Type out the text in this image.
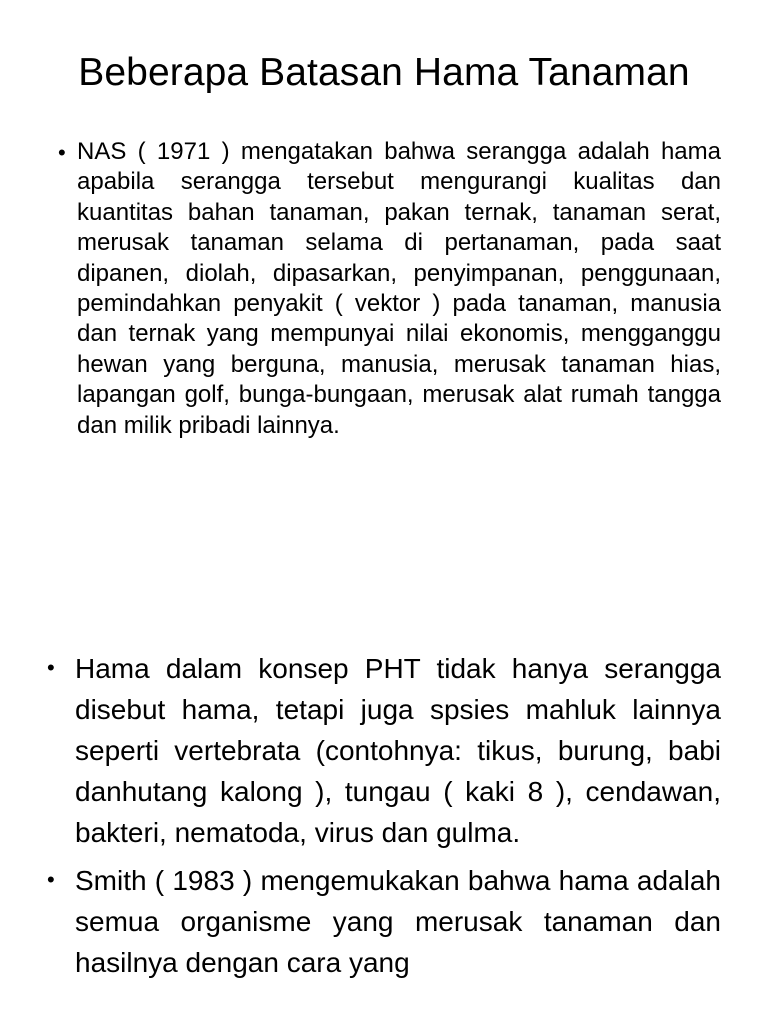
Beberapa Batasan Hama Tanaman
• NAS ( 1971 ) mengatakan bahwa serangga adalah hama apabila serangga tersebut mengurangi kualitas dan kuantitas bahan tanaman, pakan ternak, tanaman serat, merusak tanaman selama di pertanaman, pada saat dipanen, diolah, dipasarkan, penyimpanan, penggunaan, pemindahkan penyakit ( vektor ) pada tanaman, manusia dan ternak yang mempunyai nilai ekonomis, mengganggu hewan yang berguna, manusia, merusak tanaman hias, lapangan golf, bunga-bungaan, merusak alat rumah tangga dan milik pribadi lainnya.
• Hama dalam konsep PHT tidak hanya serangga disebut hama, tetapi juga spsies mahluk lainnya seperti vertebrata (contohnya: tikus, burung, babi danhutang kalong ), tungau ( kaki 8 ), cendawan, bakteri, nematoda, virus dan gulma.
• Smith ( 1983 ) mengemukakan bahwa hama adalah semua organisme yang merusak tanaman dan hasilnya dengan cara yang
